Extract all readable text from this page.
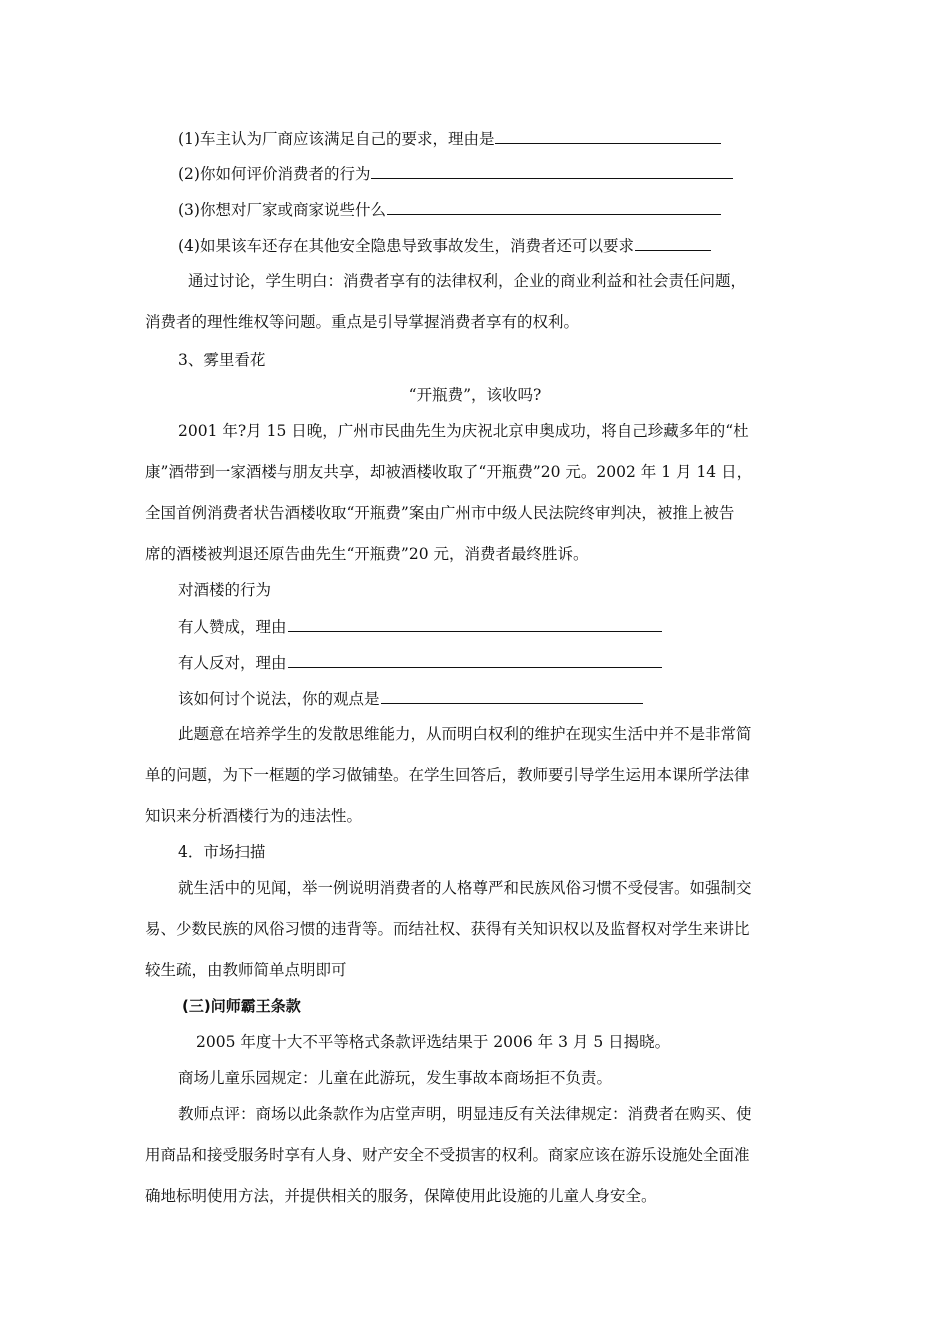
(1)车主认为厂商应该满足自己的要求，理由是
(2)你如何评价消费者的行为
(3)你想对厂家或商家说些什么
(4)如果该车还存在其他安全隐患导致事故发生，消费者还可以要求
通过讨论，学生明白：消费者享有的法律权利，企业的商业利益和社会责任问题，
消费者的理性维权等问题。重点是引导掌握消费者享有的权利。
3、雾里看花
“开瓶费”，该收吗?
2001 年?月 15 日晚，广州市民曲先生为庆祝北京申奥成功，将自己珍藏多年的“杜
康”酒带到一家酒楼与朋友共享，却被酒楼收取了“开瓶费”20 元。2002 年 1 月 14 日，
全国首例消费者状告酒楼收取“开瓶费”案由广州市中级人民法院终审判决，被推上被告
席的酒楼被判退还原告曲先生“开瓶费”20 元，消费者最终胜诉。
对酒楼的行为
有人赞成，理由
有人反对，理由
该如何讨个说法，你的观点是
此题意在培养学生的发散思维能力，从而明白权利的维护在现实生活中并不是非常简
单的问题，为下一框题的学习做铺垫。在学生回答后，教师要引导学生运用本课所学法律
知识来分析酒楼行为的违法性。
4．市场扫描
就生活中的见闻，举一例说明消费者的人格尊严和民族风俗习惯不受侵害。如强制交
易、少数民族的风俗习惯的违背等。而结社权、获得有关知识权以及监督权对学生来讲比
较生疏，由教师简单点明即可
(三)问师霸王条款
2005 年度十大不平等格式条款评选结果于 2006 年 3 月 5 日揭晓。
商场儿童乐园规定：儿童在此游玩，发生事故本商场拒不负责。
教师点评：商场以此条款作为店堂声明，明显违反有关法律规定：消费者在购买、使
用商品和接受服务时享有人身、财产安全不受损害的权利。商家应该在游乐设施处全面准
确地标明使用方法，并提供相关的服务，保障使用此设施的儿童人身安全。
